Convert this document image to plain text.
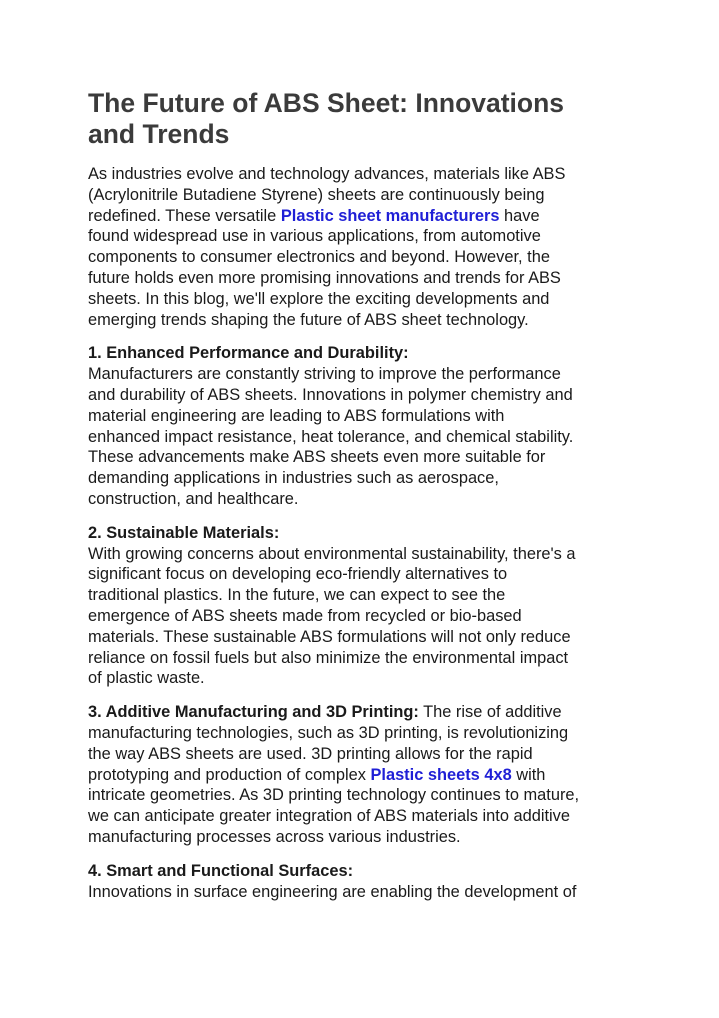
The Future of ABS Sheet: Innovations
and Trends

As industries evolve and technology advances, materials like ABS
(Acrylonitrile Butadiene Styrene) sheets are continuously being
redefined. These versatile Plastic sheet manufacturers have
found widespread use in various applications, from automotive
components to consumer electronics and beyond. However, the
future holds even more promising innovations and trends for ABS
sheets. In this blog, we'll explore the exciting developments and
emerging trends shaping the future of ABS sheet technology.

1. Enhanced Performance and Durability:
Manufacturers are constantly striving to improve the performance
and durability of ABS sheets. Innovations in polymer chemistry and
material engineering are leading to ABS formulations with
enhanced impact resistance, heat tolerance, and chemical stability.
These advancements make ABS sheets even more suitable for
demanding applications in industries such as aerospace,
construction, and healthcare.

2. Sustainable Materials:
With growing concerns about environmental sustainability, there's a
significant focus on developing eco-friendly alternatives to
traditional plastics. In the future, we can expect to see the
emergence of ABS sheets made from recycled or bio-based
materials. These sustainable ABS formulations will not only reduce
reliance on fossil fuels but also minimize the environmental impact
of plastic waste.

3. Additive Manufacturing and 3D Printing: The rise of additive
manufacturing technologies, such as 3D printing, is revolutionizing
the way ABS sheets are used. 3D printing allows for the rapid
prototyping and production of complex Plastic sheets 4x8 with
intricate geometries. As 3D printing technology continues to mature,
we can anticipate greater integration of ABS materials into additive
manufacturing processes across various industries.

4. Smart and Functional Surfaces:
Innovations in surface engineering are enabling the development of
